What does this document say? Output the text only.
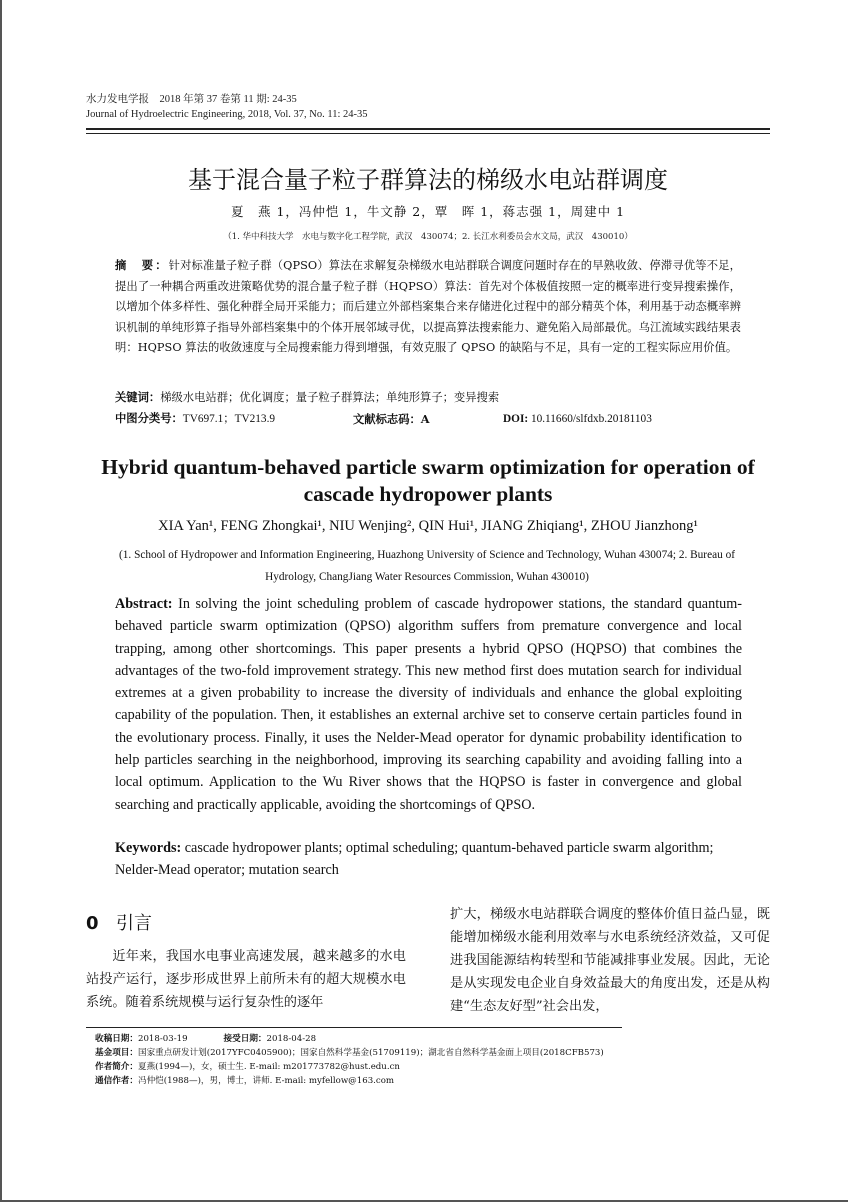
水力发电学报　2018 年第 37 卷第 11 期: 24-35
Journal of Hydroelectric Engineering, 2018, Vol. 37, No. 11: 24-35
基于混合量子粒子群算法的梯级水电站群调度
夏　燕 1，冯仲恺 1，牛文静 2，覃　晖 1，蒋志强 1，周建中 1
（1. 华中科技大学　水电与数字化工程学院，武汉　430074；2. 长江水利委员会水文局，武汉　430010）
摘　要：针对标准量子粒子群（QPSO）算法在求解复杂梯级水电站群联合调度问题时存在的早熟收敛、停滞寻优等不足，提出了一种耦合两重改进策略优势的混合量子粒子群（HQPSO）算法：首先对个体极值按照一定的概率进行变异搜索操作，以增加个体多样性、强化种群全局开采能力；而后建立外部档案集合来存储进化过程中的部分精英个体，利用基于动态概率辨识机制的单纯形算子指导外部档案集中的个体开展邻域寻优，以提高算法搜索能力、避免陷入局部最优。乌江流域实践结果表明：HQPSO 算法的收敛速度与全局搜索能力得到增强，有效克服了 QPSO 的缺陷与不足，具有一定的工程实际应用价值。
关键词：梯级水电站群；优化调度；量子粒子群算法；单纯形算子；变异搜索
中图分类号：TV697.1；TV213.9	文献标志码：A	DOI: 10.11660/slfdxb.20181103
Hybrid quantum-behaved particle swarm optimization for operation of cascade hydropower plants
XIA Yan¹, FENG Zhongkai¹, NIU Wenjing², QIN Hui¹, JIANG Zhiqiang¹, ZHOU Jianzhong¹
(1. School of Hydropower and Information Engineering, Huazhong University of Science and Technology, Wuhan 430074; 2. Bureau of Hydrology, ChangJiang Water Resources Commission, Wuhan 430010)
Abstract: In solving the joint scheduling problem of cascade hydropower stations, the standard quantum-behaved particle swarm optimization (QPSO) algorithm suffers from premature convergence and local trapping, among other shortcomings. This paper presents a hybrid QPSO (HQPSO) that combines the advantages of the two-fold improvement strategy. This new method first does mutation search for individual extremes at a given probability to increase the diversity of individuals and enhance the global exploiting capability of the population. Then, it establishes an external archive set to conserve certain particles found in the evolutionary process. Finally, it uses the Nelder-Mead operator for dynamic probability identification to help particles searching in the neighborhood, improving its searching capability and avoiding falling into a local optimum. Application to the Wu River shows that the HQPSO is faster in convergence and global searching and practically applicable, avoiding the shortcomings of QPSO.
Keywords: cascade hydropower plants; optimal scheduling; quantum-behaved particle swarm algorithm; Nelder-Mead operator; mutation search
0 引言

近年来，我国水电事业高速发展，越来越多的水电站投产运行，逐步形成世界上前所未有的超大规模水电系统。随着系统规模与运行复杂性的逐年

扩大，梯级水电站群联合调度的整体价值日益凸显，既能增加梯级水能利用效率与水电系统经济效益，又可促进我国能源结构转型和节能减排事业发展。因此，无论是从实现发电企业自身效益最大的角度出发，还是从构建“生态友好型”社会出发，

收稿日期：2018-03-19	接受日期：2018-04-28
基金项目：国家重点研发计划(2017YFC0405900)；国家自然科学基金(51709119)；湖北省自然科学基金面上项目(2018CFB573)
作者简介：夏燕(1994—)，女，硕士生. E-mail: m201773782@hust.edu.cn
通信作者：冯仲恺(1988—)，男，博士，讲师. E-mail: myfellow@163.com
